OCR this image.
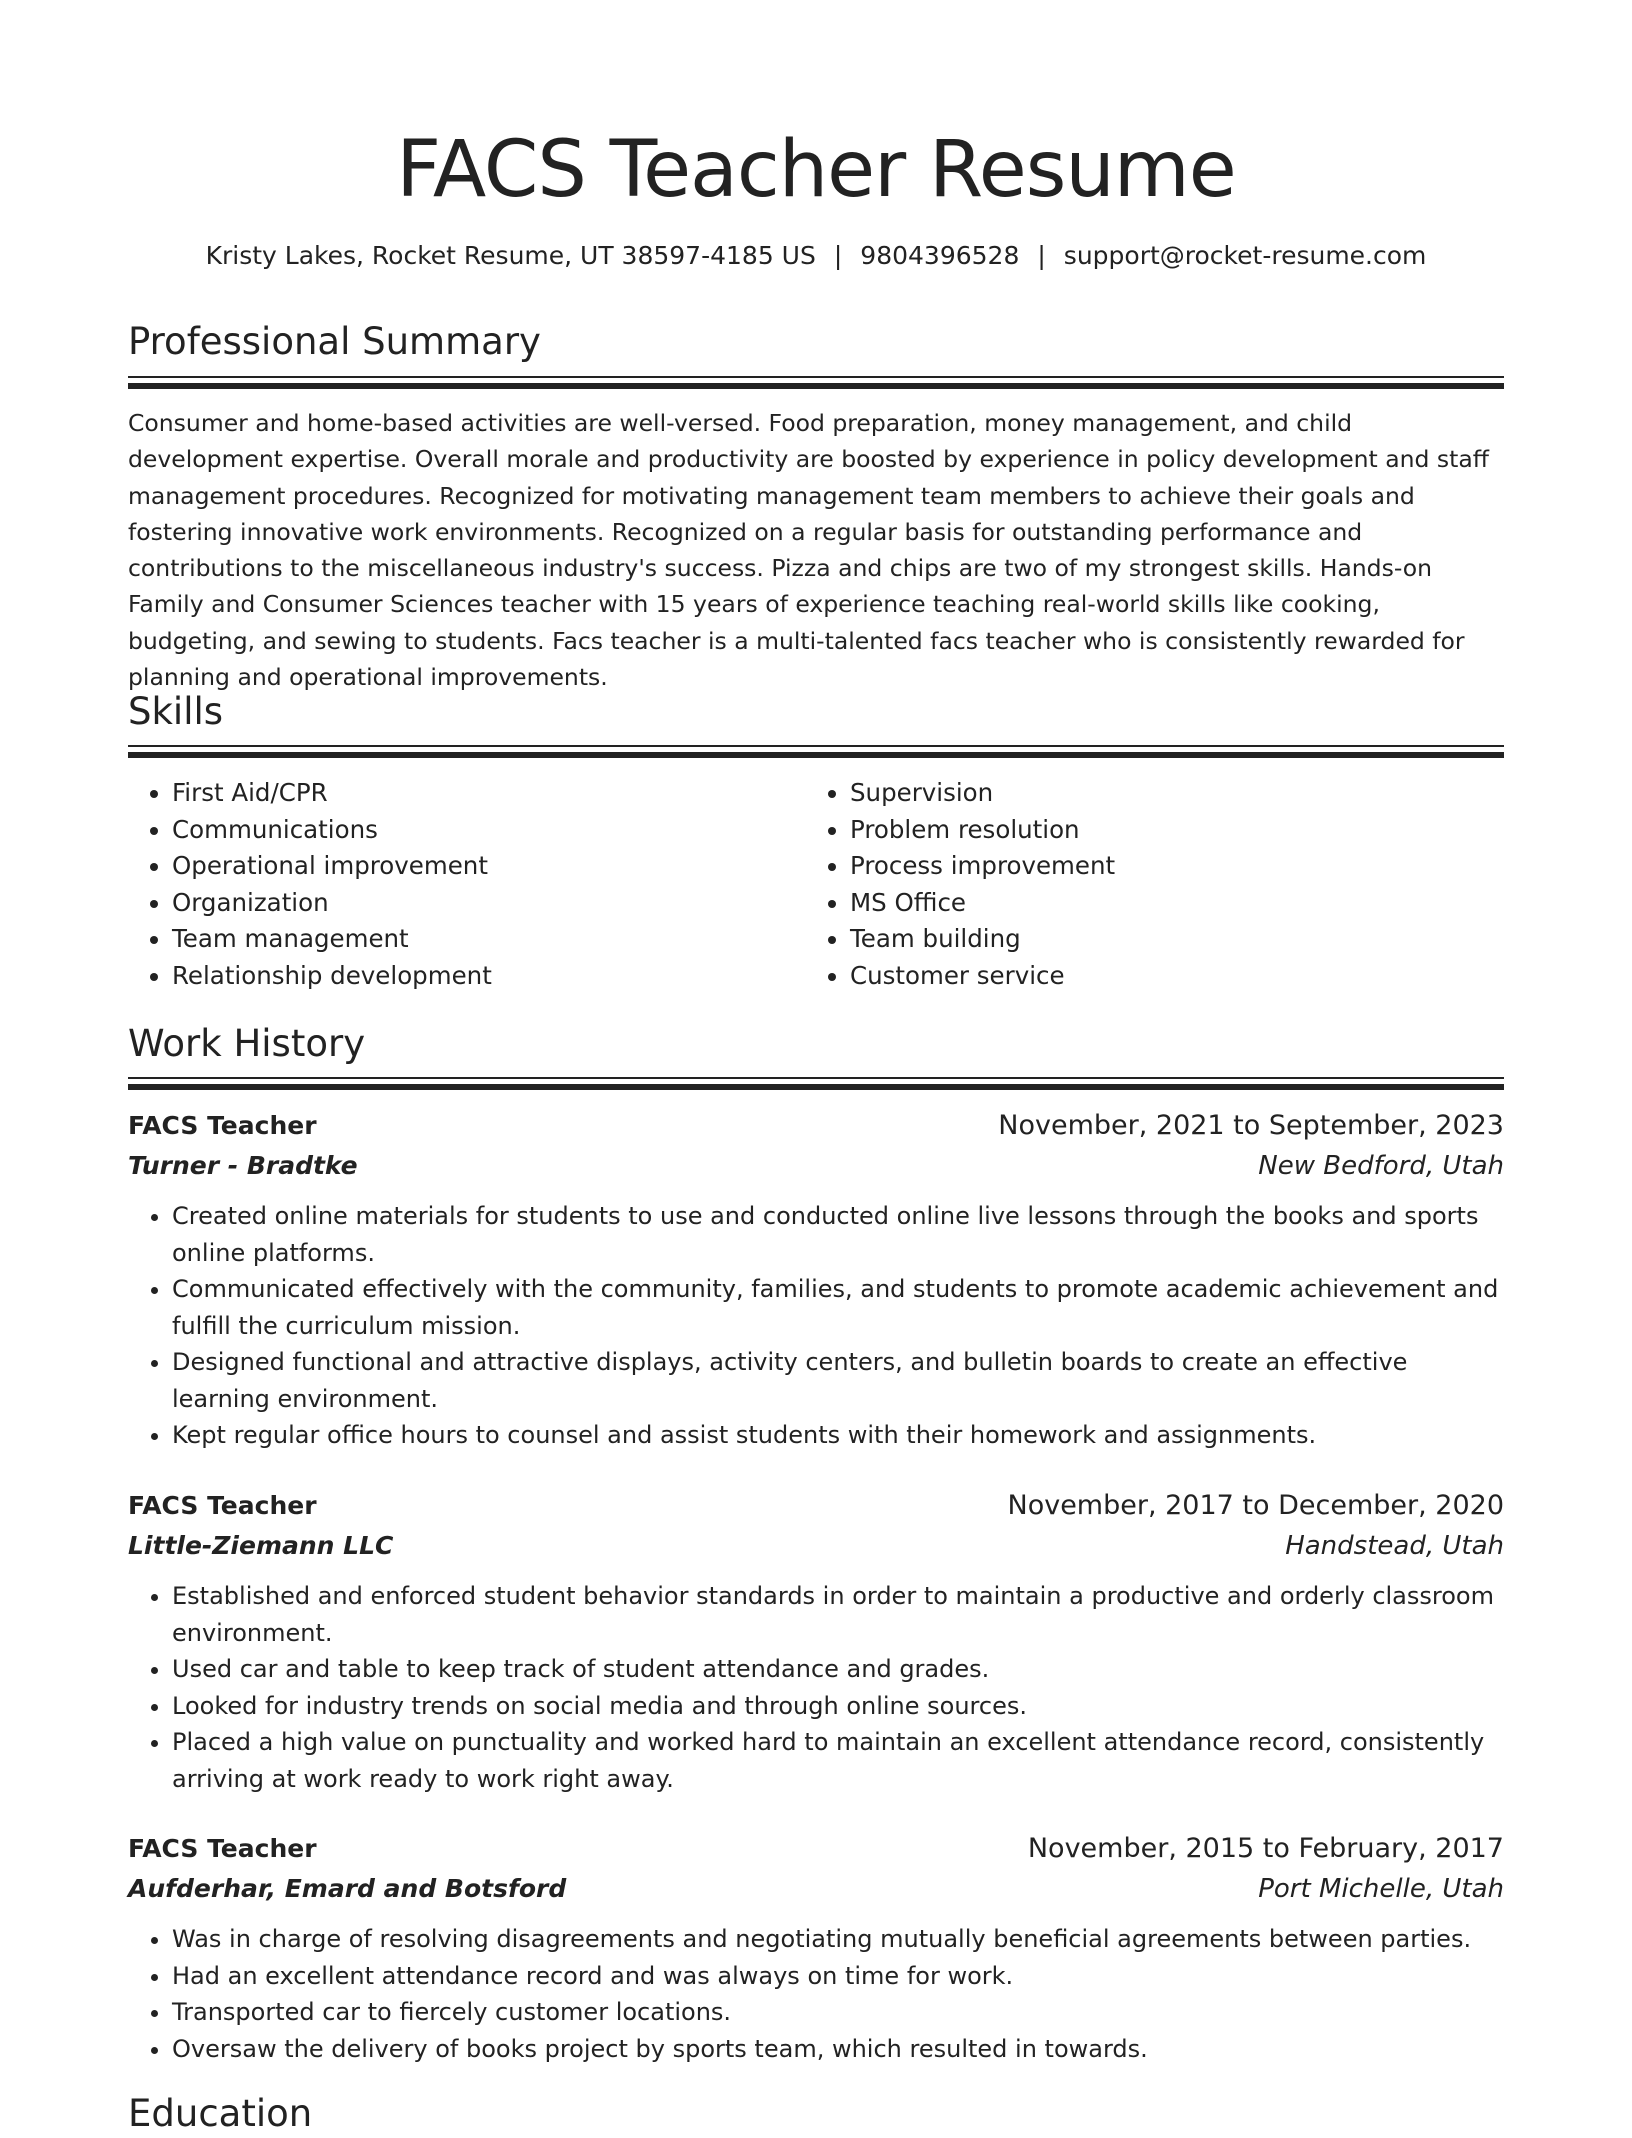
FACS Teacher Resume
Kristy Lakes, Rocket Resume, UT 38597-4185 US | 9804396528 | support@rocket-resume.com
Professional Summary

Consumer and home-based activities are well-versed. Food preparation, money management, and child development expertise. Overall morale and productivity are boosted by experience in policy development and staff management procedures. Recognized for motivating management team members to achieve their goals and fostering innovative work environments. Recognized on a regular basis for outstanding performance and contributions to the miscellaneous industry's success. Pizza and chips are two of my strongest skills. Hands-on Family and Consumer Sciences teacher with 15 years of experience teaching real-world skills like cooking, budgeting, and sewing to students. Facs teacher is a multi-talented facs teacher who is consistently rewarded for planning and operational improvements.

Skills
• First Aid/CPR
• Communications
• Operational improvement
• Organization
• Team management
• Relationship development
• Supervision
• Problem resolution
• Process improvement
• MS Office
• Team building
• Customer service
Work History
FACS Teacher	November, 2021 to September, 2023
Turner - Bradtke	New Bedford, Utah
• Created online materials for students to use and conducted online live lessons through the books and sports online platforms.
• Communicated effectively with the community, families, and students to promote academic achievement and fulfill the curriculum mission.
• Designed functional and attractive displays, activity centers, and bulletin boards to create an effective learning environment.
• Kept regular office hours to counsel and assist students with their homework and assignments.
FACS Teacher	November, 2017 to December, 2020
Little-Ziemann LLC	Handstead, Utah
• Established and enforced student behavior standards in order to maintain a productive and orderly classroom environment.
• Used car and table to keep track of student attendance and grades.
• Looked for industry trends on social media and through online sources.
• Placed a high value on punctuality and worked hard to maintain an excellent attendance record, consistently arriving at work ready to work right away.
FACS Teacher	November, 2015 to February, 2017
Aufderhar, Emard and Botsford	Port Michelle, Utah
• Was in charge of resolving disagreements and negotiating mutually beneficial agreements between parties.
• Had an excellent attendance record and was always on time for work.
• Transported car to fiercely customer locations.
• Oversaw the delivery of books project by sports team, which resulted in towards.
Education
